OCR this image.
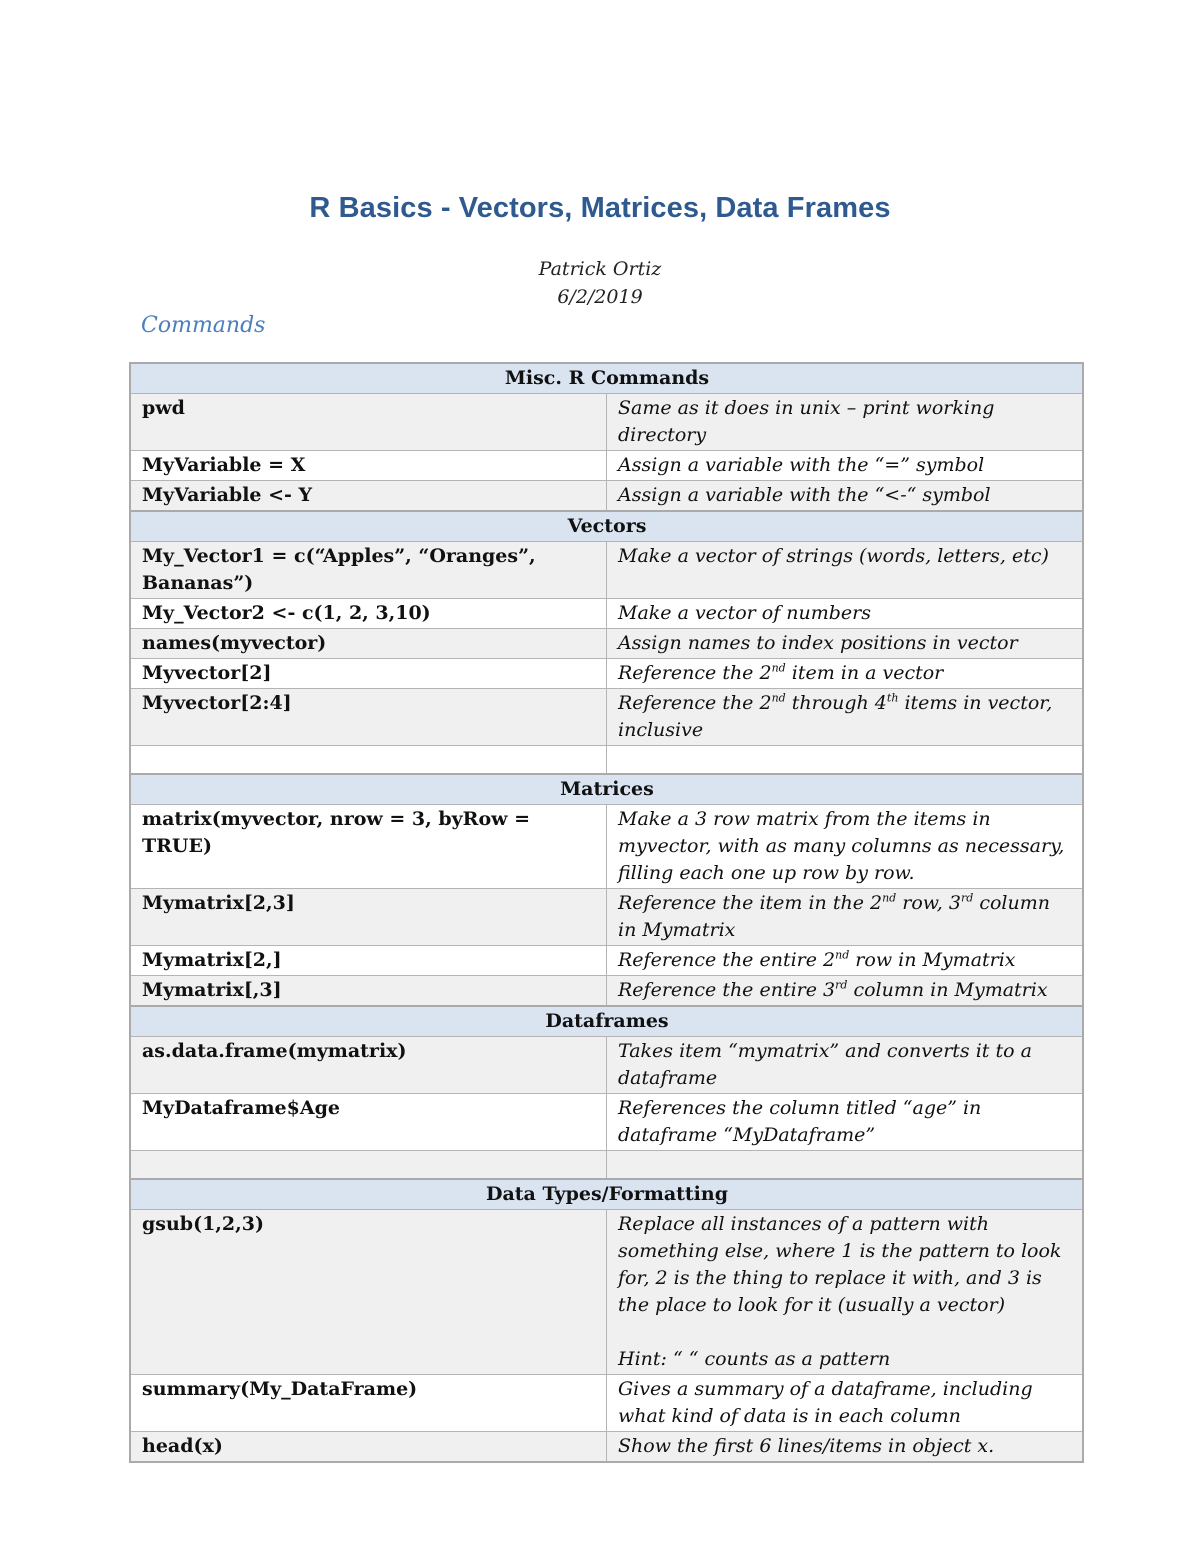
R Basics - Vectors, Matrices, Data Frames
Patrick Ortiz
6/2/2019
Commands
Misc. R Commands	
pwd	Same as it does in unix – print working directory
MyVariable = X	Assign a variable with the “=” symbol
MyVariable <- Y	Assign a variable with the “<-“ symbol
Vectors	
My_Vector1 = c(“Apples”, “Oranges”, Bananas”)	Make a vector of strings (words, letters, etc)
My_Vector2 <- c(1, 2, 3,10)	Make a vector of numbers
names(myvector)	Assign names to index positions in vector
Myvector[2]	Reference the 2nd item in a vector
Myvector[2:4]	Reference the 2nd through 4th items in vector, inclusive

Matrices	
matrix(myvector, nrow = 3, byRow = TRUE)	Make a 3 row matrix from the items in myvector, with as many columns as necessary, filling each one up row by row.
Mymatrix[2,3]	Reference the item in the 2nd row, 3rd column in Mymatrix
Mymatrix[2,]	Reference the entire 2nd row in Mymatrix
Mymatrix[,3]	Reference the entire 3rd column in Mymatrix
Dataframes	
as.data.frame(mymatrix)	Takes item “mymatrix” and converts it to a dataframe
MyDataframe$Age	References the column titled “age” in dataframe “MyDataframe”

Data Types/Formatting	
gsub(1,2,3)	Replace all instances of a pattern with something else, where 1 is the pattern to look for, 2 is the thing to replace it with, and 3 is the place to look for it (usually a vector)
Hint: “ “ counts as a pattern

summary(My_DataFrame)	Gives a summary of a dataframe, including what kind of data is in each column
head(x)	Show the first 6 lines/items in object x.
